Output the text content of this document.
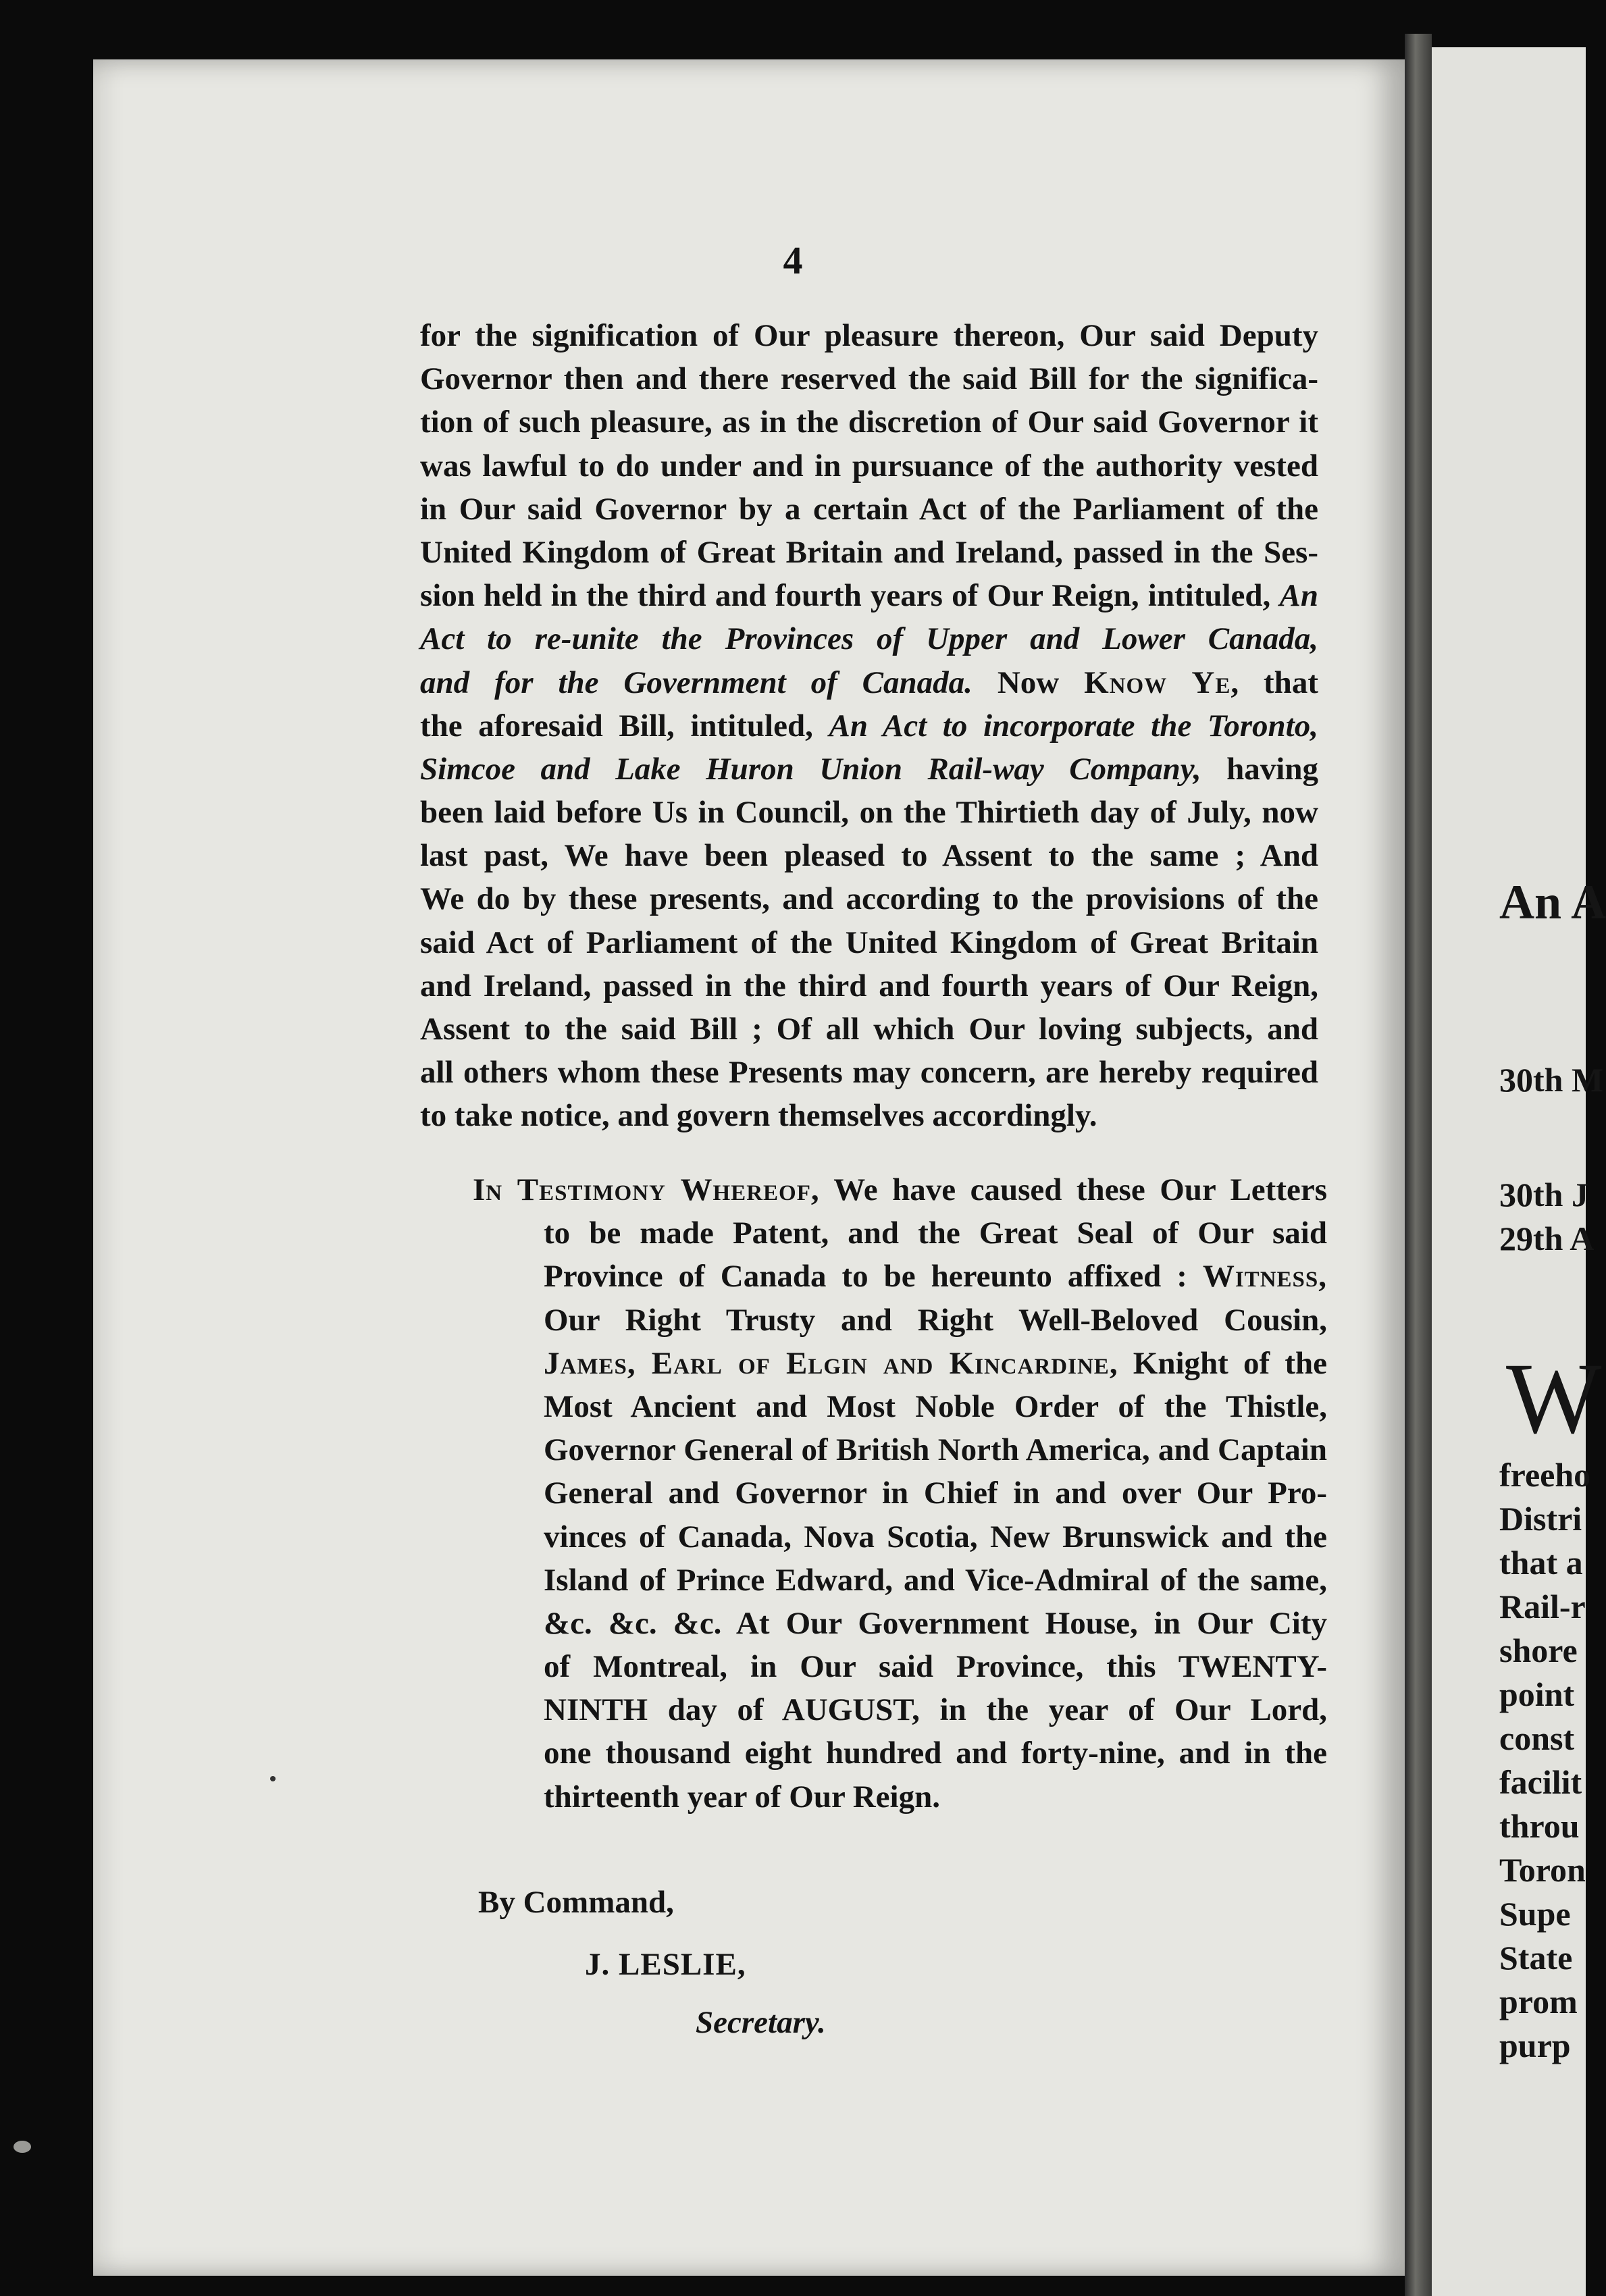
An A
30th M
30th J
29th A
W
freeho
Distri
that a
Rail-r
shore
point
const
facilit
throu
Toron
Supe
State
prom
purp
4
for the signification of Our pleasure thereon, Our said Deputy
Governor then and there reserved the said Bill for the significa-
tion of such pleasure, as in the discretion of Our said Governor it
was lawful to do under and in pursuance of the authority vested
in Our said Governor by a certain Act of the Parliament of the
United Kingdom of Great Britain and Ireland, passed in the Ses-
sion held in the third and fourth years of Our Reign, intituled, An
Act to re-unite the Provinces of Upper and Lower Canada,
and for the Government of Canada. Now Know Ye, that
the aforesaid Bill, intituled, An Act to incorporate the Toronto,
Simcoe and Lake Huron Union Rail-way Company, having
been laid before Us in Council, on the Thirtieth day of July, now
last past, We have been pleased to Assent to the same ; And
We do by these presents, and according to the provisions of the
said Act of Parliament of the United Kingdom of Great Britain
and Ireland, passed in the third and fourth years of Our Reign,
Assent to the said Bill ; Of all which Our loving subjects, and
all others whom these Presents may concern, are hereby required
to take notice, and govern themselves accordingly.
In Testimony Whereof, We have caused these Our Letters
to be made Patent, and the Great Seal of Our said
Province of Canada to be hereunto affixed : Witness,
Our Right Trusty and Right Well-Beloved Cousin,
James, Earl of Elgin and Kincardine, Knight of the
Most Ancient and Most Noble Order of the Thistle,
Governor General of British North America, and Captain
General and Governor in Chief in and over Our Pro-
vinces of Canada, Nova Scotia, New Brunswick and the
Island of Prince Edward, and Vice-Admiral of the same,
&c. &c. &c. At Our Government House, in Our City
of Montreal, in Our said Province, this TWENTY-
NINTH day of AUGUST, in the year of Our Lord,
one thousand eight hundred and forty-nine, and in the
thirteenth year of Our Reign.
By Command,
J. LESLIE,
Secretary.
